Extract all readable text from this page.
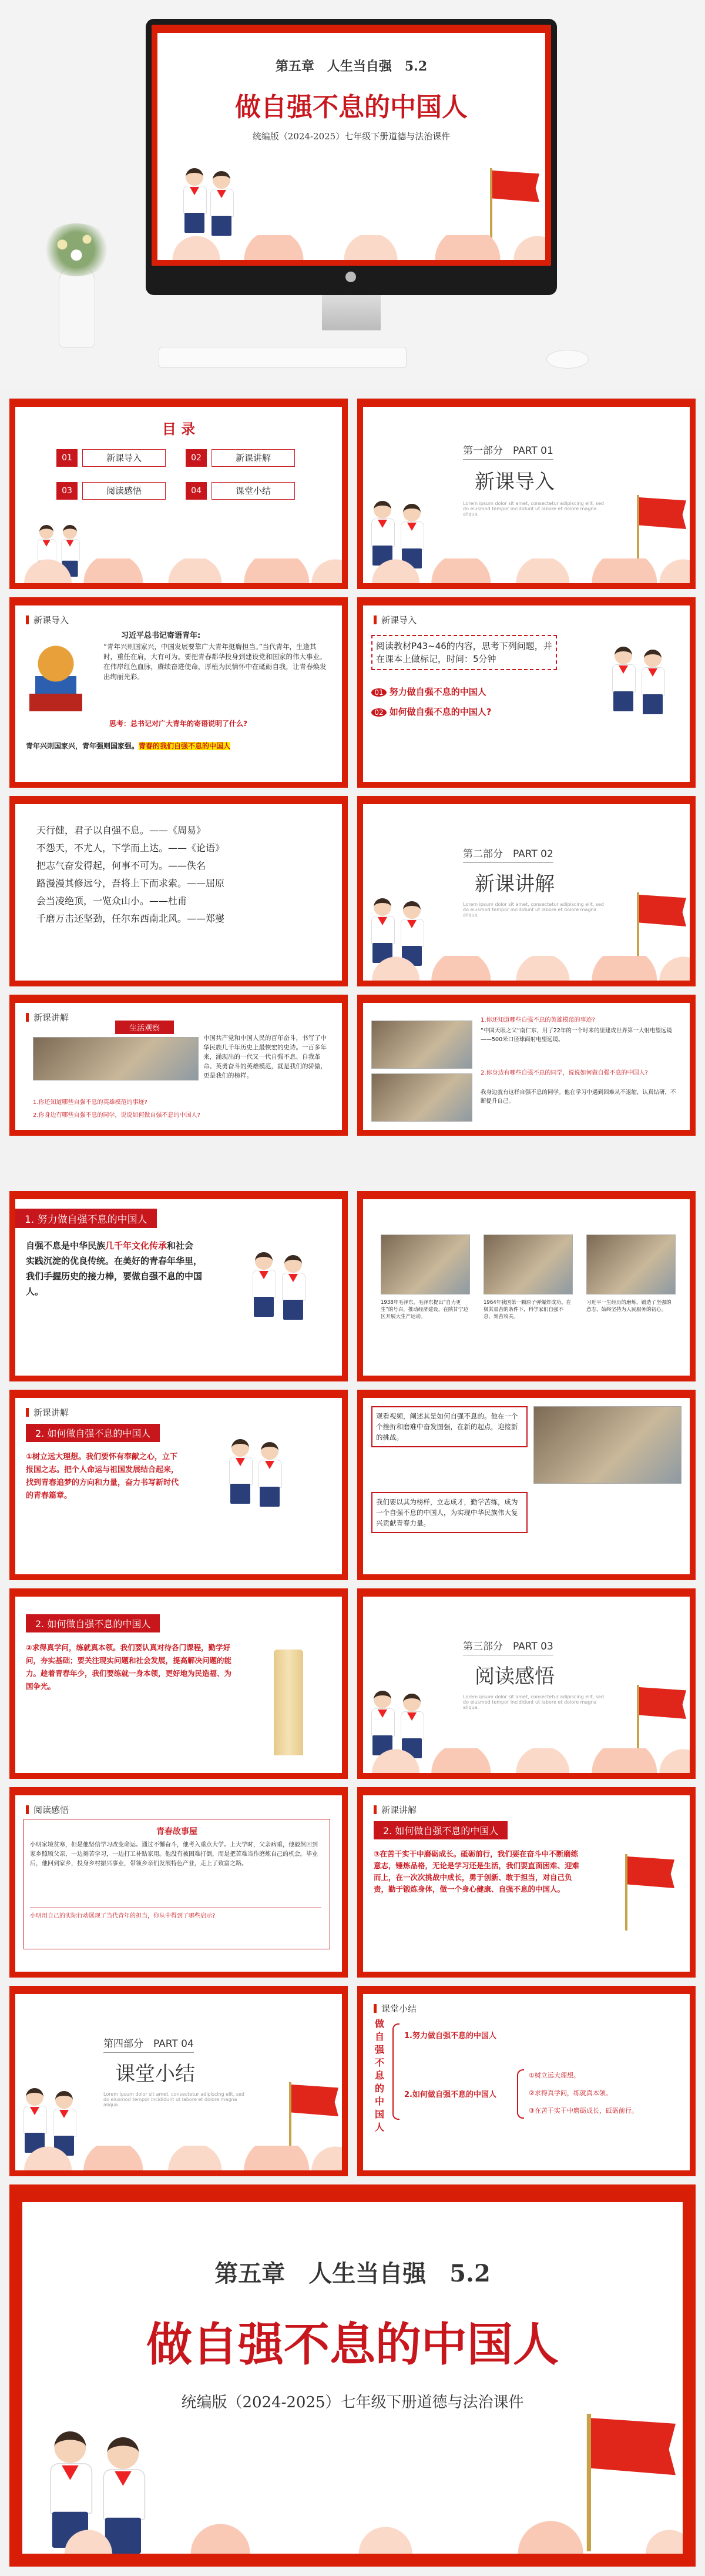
第五章　人生当自强　5.2
做自强不息的中国人
统编版（2024-2025）七年级下册道德与法治课件
目 录
01	新课导入	02	新课讲解
03	阅读感悟	04	课堂小结
第一部分　PART 01
新课导入
Lorem ipsum dolor sit amet, consectetur adipiscing elit, sed do eiusmod tempor incididunt ut labore et dolore magna aliqua.
新课导入
习近平总书记寄语青年:
“青年兴则国家兴，中国发展要靠广大青年挺膺担当。”当代青年，生逢其时，重任在肩，大有可为。要把青春都华投身到建设党和国家的伟大事业。在伟岸红色血脉，赓续奋进使命，厚植为民情怀中在砥砺自我，让青春焕发出绚丽光彩。
思考：总书记对广大青年的寄语说明了什么?
青年兴则国家兴，青年强则国家强。青春的我们自强不息的中国人
新课导入
阅读教材P43~46的内容，思考下列问题，并在课本上做标记，时间：5分钟
01 努力做自强不息的中国人
02 如何做自强不息的中国人?
天行健，君子以自强不息。——《周易》
不怨天，不尤人，下学而上达。——《论语》
把志气奋发得起，何事不可为。——佚名
路漫漫其修远兮，吾将上下而求索。——屈原
会当凌绝顶，一览众山小。——杜甫
千磨万击还坚劲，任尔东西南北风。——郑燮
第二部分　PART 02
新课讲解
Lorem ipsum dolor sit amet, consectetur adipiscing elit, sed do eiusmod tempor incididunt ut labore et dolore magna aliqua.
新课讲解
生活观察
中国共产党和中国人民的百年奋斗，书写了中华民族几千年历史上最恢宏的史诗。一百多年来，涌现出的一代又一代自强不息、自我革命、英勇奋斗的英雄模范，就是我们的骄傲，更是我们的榜样。
1.你还知道哪些自强不息的英雄模范的事迹?
2.你身边有哪些自强不息的同学，说说如何做自强不息的中国人?
1.你还知道哪些自强不息的英雄模范的事迹?
“中国天眼之父”南仁东，用了22年的一个时来的里建成世界第一大射电望远镜——500米口径球面射电望远镜。
2.你身边有哪些自强不息的同学，说说如何做自强不息的中国人?
我身边就有这样自强不息的同学。他在学习中遇到困难从不退缩，认真钻研，不断提升自己。
1. 努力做自强不息的中国人
自强不息是中华民族几千年文化传承和社会实践沉淀的优良传统。在美好的青春年华里，我们手握历史的接力棒，要做自强不息的中国人。
1938年毛泽东，毛泽东提出“自力更生”的号召，推动经济建设，在陕甘宁边区开展大生产运动。
1964年我国第一颗原子弹爆炸成功。在极其艰苦的条件下，科学家们自强不息，刻苦攻关。
习近平一生经历的磨炼，锻造了坚强的意志，始终坚持为人民服务的初心。
新课讲解
2. 如何做自强不息的中国人
①树立远大理想。我们要怀有奉献之心，立下报国之志。把个人命运与祖国发展结合起来，找到青春追梦的方向和力量，奋力书写新时代的青春篇章。
观看视频，阐述其是如何自强不息的。他在一个个挫折和磨难中奋发图强，在新的起点，迎接新的挑战。
我们要以其为榜样，立志成才，勤学苦练，成为一个自强不息的中国人，为实现中华民族伟大复兴贡献青春力量。
2. 如何做自强不息的中国人
②求得真学问，练就真本领。我们要认真对待各门课程，勤学好问，夯实基础；要关注现实问题和社会发展，提高解决问题的能力。趁着青春年少，我们要练就一身本领，更好地为民造福、为国争光。
第三部分　PART 03
阅读感悟
Lorem ipsum dolor sit amet, consectetur adipiscing elit, sed do eiusmod tempor incididunt ut labore et dolore magna aliqua.
阅读感悟
青春故事屋
小明家境贫寒，但是他坚信学习改变命运。通过不懈奋斗，他考入重点大学。上大学时，父亲病重，他毅然回到家乡照顾父亲，一边刻苦学习，一边打工补贴家用。他没有被困难打倒，而是把苦难当作磨炼自己的机会。毕业后，他回到家乡，投身乡村振兴事业，带领乡亲们发展特色产业，走上了致富之路。
小明用自己的实际行动展现了当代青年的担当，你从中得到了哪些启示?
新课讲解
2. 如何做自强不息的中国人
③在苦干实干中磨砺成长。砥砺前行，我们要在奋斗中不断磨练意志，锤炼品格，无论是学习还是生活，我们要直面困难、迎难而上，在一次次挑战中成长，勇于创新、敢于担当，对自己负责，勤于锻炼身体，做一个身心健康、自强不息的中国人。
第四部分　PART 04
课堂小结
Lorem ipsum dolor sit amet, consectetur adipiscing elit, sed do eiusmod tempor incididunt ut labore et dolore magna aliqua.
课堂小结
做自强不息的中国人
1.努力做自强不息的中国人
2.如何做自强不息的中国人
①树立远大理想。
②求得真学问，练就真本领。
③在苦干实干中磨砺成长，砥砺前行。
第五章　人生当自强　5.2
做自强不息的中国人
统编版（2024-2025）七年级下册道德与法治课件
